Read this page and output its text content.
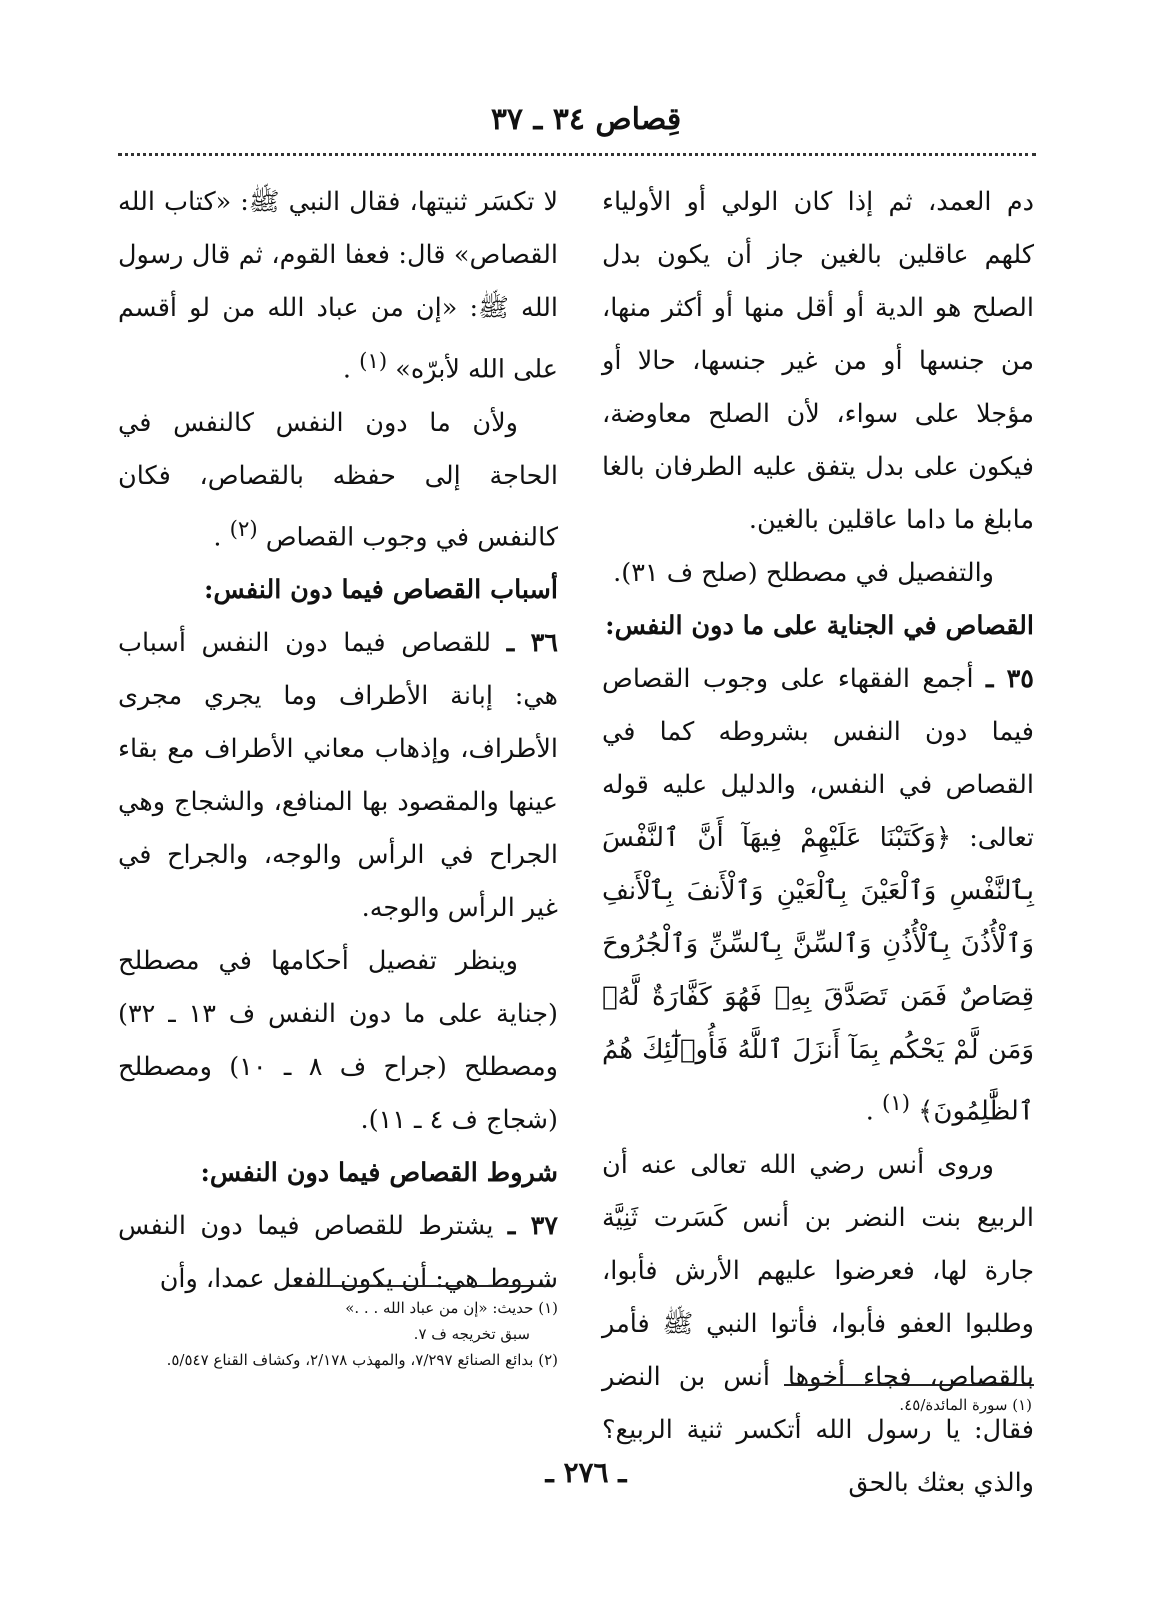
قِصاص ٣٤ ـ ٣٧

دم العمد، ثم إذا كان الولي أو الأولياء كلهم عاقلين بالغين جاز أن يكون بدل الصلح هو الدية أو أقل منها أو أكثر منها، من جنسها أو من غير جنسها، حالا أو مؤجلا على سواء، لأن الصلح معاوضة، فيكون على بدل يتفق عليه الطرفان بالغا مابلغ ما داما عاقلين بالغين.

والتفصيل في مصطلح (صلح ف ٣١).

القصاص في الجناية على ما دون النفس:

٣٥ ـ أجمع الفقهاء على وجوب القصاص فيما دون النفس بشروطه كما في القصاص في النفس، والدليل عليه قوله تعالى: ﴿وَكَتَبْنَا عَلَيْهِمْ فِيهَآ أَنَّ ٱلنَّفْسَ بِٱلنَّفْسِ وَٱلْعَيْنَ بِٱلْعَيْنِ وَٱلْأَنفَ بِٱلْأَنفِ وَٱلْأُذُنَ بِٱلْأُذُنِ وَٱلسِّنَّ بِٱلسِّنِّ وَٱلْجُرُوحَ قِصَاصٌ فَمَن تَصَدَّقَ بِهِۦ فَهُوَ كَفَّارَةٌ لَّهُۥ وَمَن لَّمْ يَحْكُم بِمَآ أَنزَلَ ٱللَّهُ فَأُو۟لَٰٓئِكَ هُمُ ٱلظَّٰلِمُونَ﴾ $^{(١)}$ .

وروى أنس رضي الله تعالى عنه أن الربيع بنت النضر بن أنس كَسَرت ثَنِيَّة جارة لها، فعرضوا عليهم الأرش فأبوا، وطلبوا العفو فأبوا، فأتوا النبي ﷺ فأمر بالقصاص، فجاء أخوها أنس بن النضر فقال: يا رسول الله أتكسر ثنية الربيع؟ والذي بعثك بالحق

لا تكسَر ثنيتها، فقال النبي ﷺ: «كتاب الله القصاص» قال: فعفا القوم، ثم قال رسول الله ﷺ: «إن من عباد الله من لو أقسم على الله لأبرّه» $^{(١)}$ .

ولأن ما دون النفس كالنفس في الحاجة إلى حفظه بالقصاص، فكان كالنفس في وجوب القصاص $^{(٢)}$ .

أسباب القصاص فيما دون النفس:

٣٦ ـ للقصاص فيما دون النفس أسباب هي: إبانة الأطراف وما يجري مجرى الأطراف، وإذهاب معاني الأطراف مع بقاء عينها والمقصود بها المنافع، والشجاج وهي الجراح في الرأس والوجه، والجراح في غير الرأس والوجه.

وينظر تفصيل أحكامها في مصطلح (جناية على ما دون النفس ف ١٣ ـ ٣٢) ومصطلح (جراح ف ٨ ـ ١٠) ومصطلح (شجاج ف ٤ ـ ١١).

شروط القصاص فيما دون النفس:

٣٧ ـ يشترط للقصاص فيما دون النفس شروط هي: أن يكون الفعل عمدا، وأن

(١) حديث: «إن من عباد الله . . .»

سبق تخريجه ف ٧.

(٢) بدائع الصنائع ٧/٢٩٧، والمهذب ٢/١٧٨، وكشاف القناع ٥/٥٤٧.

(١) سورة المائدة/٤٥.

ـ ٢٧٦ ـ
